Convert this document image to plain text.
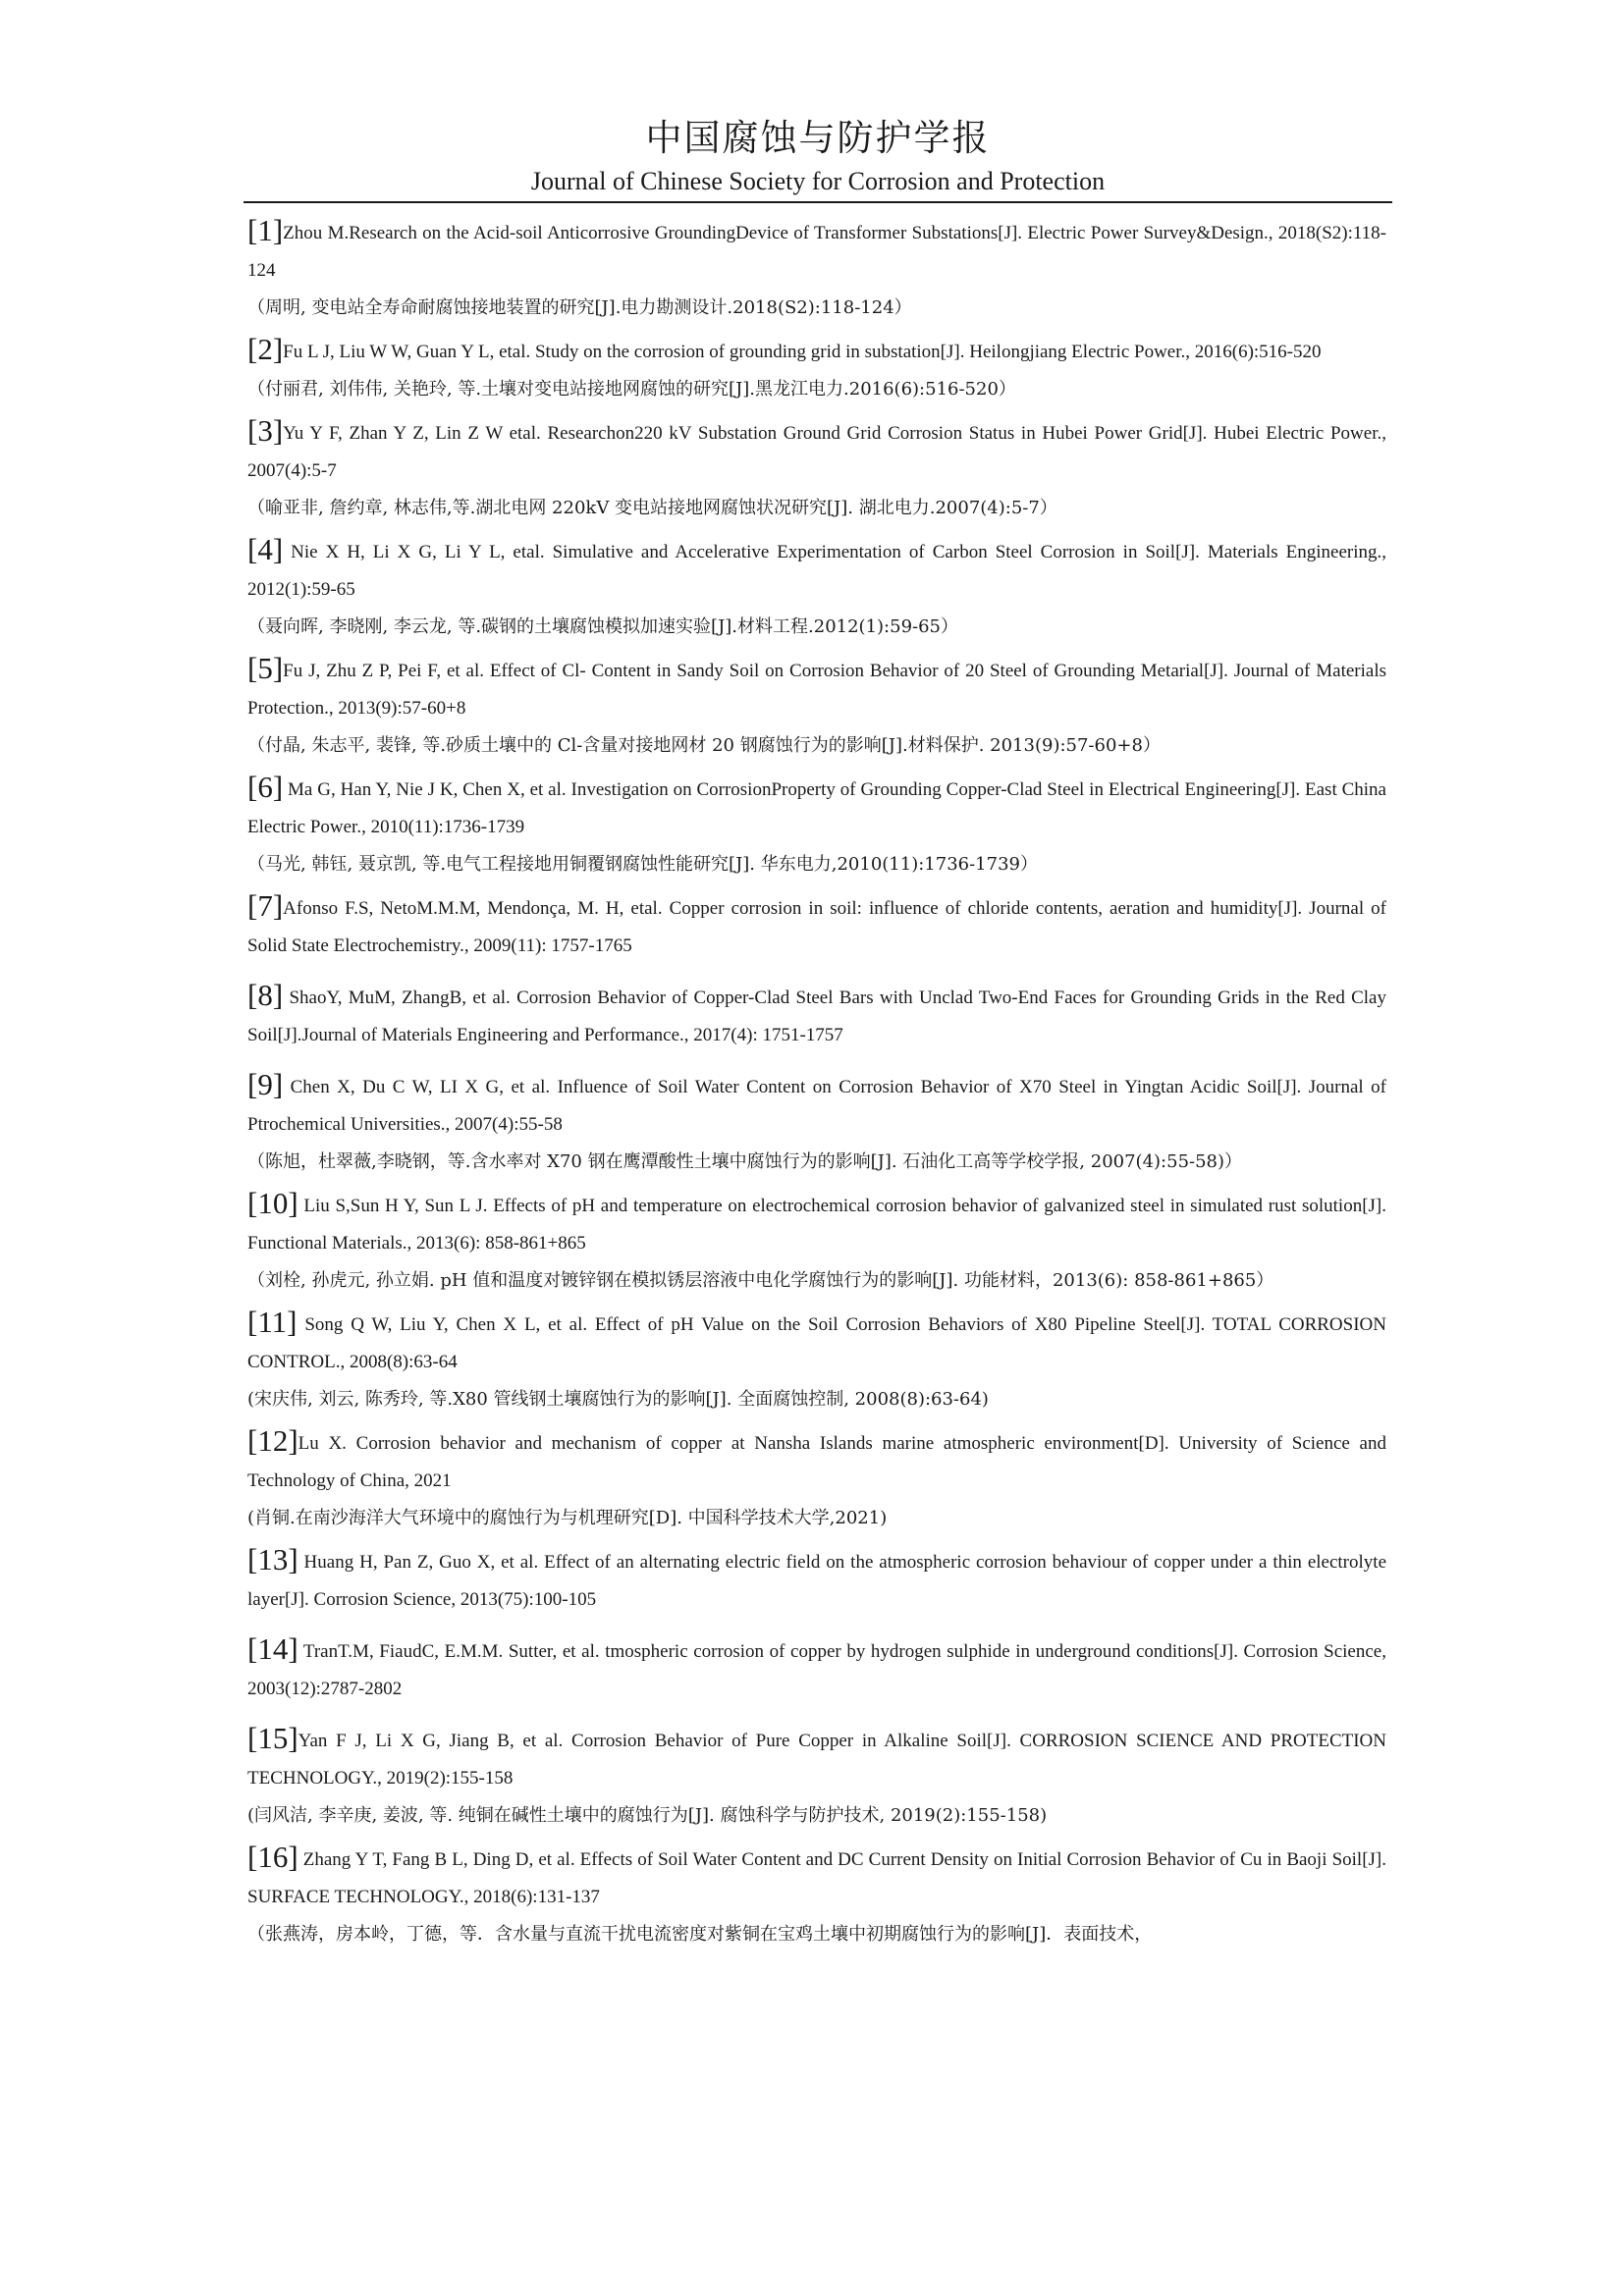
中国腐蚀与防护学报
Journal of Chinese Society for Corrosion and Protection

[1]Zhou M.Research on the Acid-soil Anticorrosive GroundingDevice of Transformer Substations[J]. Electric Power Survey&Design., 2018(S2):118-124

（周明, 变电站全寿命耐腐蚀接地装置的研究[J].电力勘测设计.2018(S2):118-124）

[2]Fu L J, Liu W W, Guan Y L, etal. Study on the corrosion of grounding grid in substation[J]. Heilongjiang Electric Power., 2016(6):516-520

（付丽君, 刘伟伟, 关艳玲, 等.土壤对变电站接地网腐蚀的研究[J].黑龙江电力.2016(6):516-520）

[3]Yu Y F, Zhan Y Z, Lin Z W etal. Researchon220 kV Substation Ground Grid Corrosion Status in Hubei Power Grid[J]. Hubei Electric Power., 2007(4):5-7

（喻亚非, 詹约章, 林志伟,等.湖北电网 220kV 变电站接地网腐蚀状况研究[J]. 湖北电力.2007(4):5-7）

[4] Nie X H, Li X G, Li Y L, etal. Simulative and Accelerative Experimentation of Carbon Steel Corrosion in Soil[J]. Materials Engineering., 2012(1):59-65

（聂向晖, 李晓刚, 李云龙, 等.碳钢的土壤腐蚀模拟加速实验[J].材料工程.2012(1):59-65）

[5]Fu J, Zhu Z P, Pei F, et al. Effect of Cl- Content in Sandy Soil on Corrosion Behavior of 20 Steel of Grounding Metarial[J]. Journal of Materials Protection., 2013(9):57-60+8

（付晶, 朱志平, 裴锋, 等.砂质土壤中的 Cl-含量对接地网材 20 钢腐蚀行为的影响[J].材料保护. 2013(9):57-60+8）

[6] Ma G, Han Y, Nie J K, Chen X, et al. Investigation on CorrosionProperty of Grounding Copper-Clad Steel in Electrical Engineering[J]. East China Electric Power., 2010(11):1736-1739

（马光, 韩钰, 聂京凯, 等.电气工程接地用铜覆钢腐蚀性能研究[J]. 华东电力,2010(11):1736-1739）

[7]Afonso F.S, NetoM.M.M, Mendonça, M. H, etal. Copper corrosion in soil: influence of chloride contents, aeration and humidity[J]. Journal of Solid State Electrochemistry., 2009(11): 1757-1765

[8] ShaoY, MuM, ZhangB, et al. Corrosion Behavior of Copper-Clad Steel Bars with Unclad Two-End Faces for Grounding Grids in the Red Clay Soil[J].Journal of Materials Engineering and Performance., 2017(4): 1751-1757

[9] Chen X, Du C W, LI X G, et al. Influence of Soil Water Content on Corrosion Behavior of X70 Steel in Yingtan Acidic Soil[J]. Journal of Ptrochemical Universities., 2007(4):55-58

（陈旭，杜翠薇,李晓钢，等.含水率对 X70 钢在鹰潭酸性土壤中腐蚀行为的影响[J]. 石油化工高等学校学报, 2007(4):55-58)）

[10] Liu S,Sun H Y, Sun L J. Effects of pH and temperature on electrochemical corrosion behavior of galvanized steel in simulated rust solution[J]. Functional Materials., 2013(6): 858-861+865

（刘栓, 孙虎元, 孙立娟. pH 值和温度对镀锌钢在模拟锈层溶液中电化学腐蚀行为的影响[J]. 功能材料，2013(6): 858-861+865）

[11] Song Q W, Liu Y, Chen X L, et al. Effect of pH Value on the Soil Corrosion Behaviors of X80 Pipeline Steel[J]. TOTAL CORROSION CONTROL., 2008(8):63-64

(宋庆伟, 刘云, 陈秀玲, 等.X80 管线钢土壤腐蚀行为的影响[J]. 全面腐蚀控制, 2008(8):63-64)

[12]Lu X. Corrosion behavior and mechanism of copper at Nansha Islands marine atmospheric environment[D]. University of Science and Technology of China, 2021

(肖铜.在南沙海洋大气环境中的腐蚀行为与机理研究[D]. 中国科学技术大学,2021)

[13] Huang H, Pan Z, Guo X, et al. Effect of an alternating electric field on the atmospheric corrosion behaviour of copper under a thin electrolyte layer[J]. Corrosion Science, 2013(75):100-105

[14] TranT.M, FiaudC, E.M.M. Sutter, et al. tmospheric corrosion of copper by hydrogen sulphide in underground conditions[J]. Corrosion Science, 2003(12):2787-2802

[15]Yan F J, Li X G, Jiang B, et al. Corrosion Behavior of Pure Copper in Alkaline Soil[J]. CORROSION SCIENCE AND PROTECTION TECHNOLOGY., 2019(2):155-158

(闫风洁, 李辛庚, 姜波, 等. 纯铜在碱性土壤中的腐蚀行为[J]. 腐蚀科学与防护技术, 2019(2):155-158)

[16] Zhang Y T, Fang B L, Ding D, et al. Effects of Soil Water Content and DC Current Density on Initial Corrosion Behavior of Cu in Baoji Soil[J]. SURFACE TECHNOLOGY., 2018(6):131-137

（张燕涛，房本岭，丁德，等．含水量与直流干扰电流密度对紫铜在宝鸡土壤中初期腐蚀行为的影响[J]．表面技术，
